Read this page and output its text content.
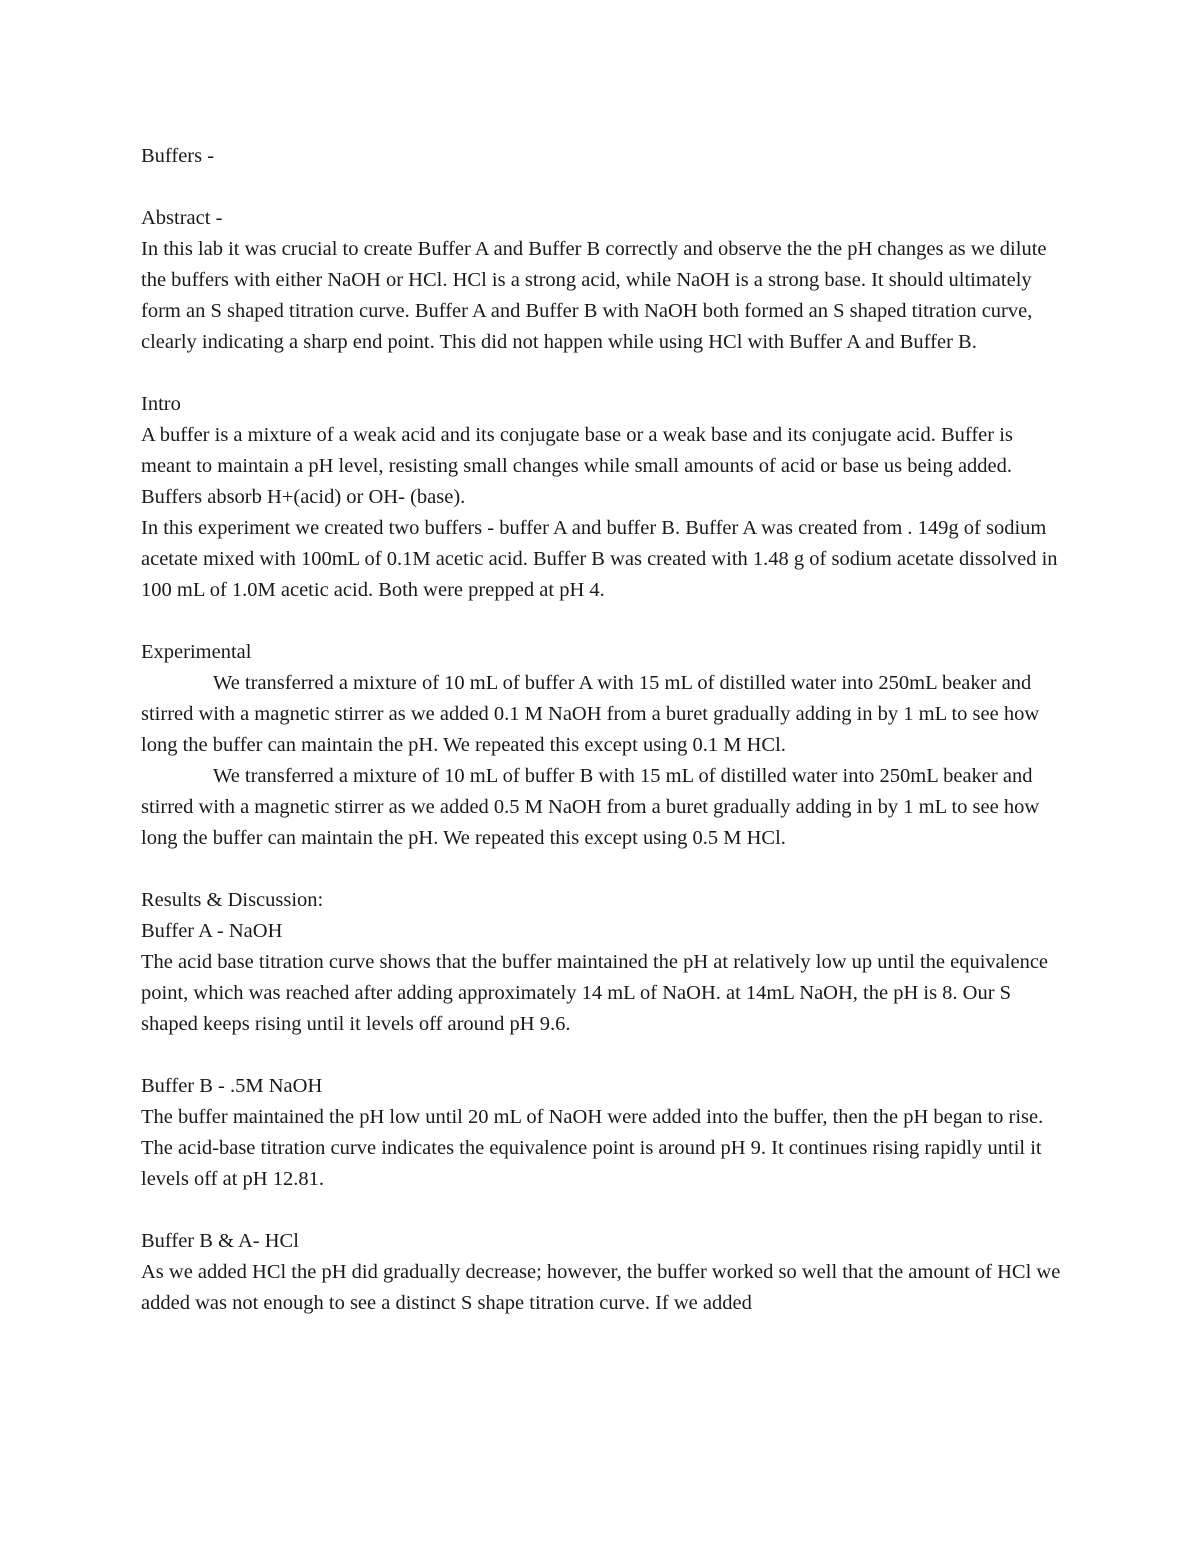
Buffers -

Abstract -

In this lab it was crucial to create Buffer A and Buffer B correctly and observe the the pH changes as we dilute the buffers with either NaOH or HCl. HCl is a strong acid, while NaOH is a strong base. It should ultimately form an S shaped titration curve. Buffer A and Buffer B with NaOH both formed an S shaped titration curve, clearly indicating a sharp end point. This did not happen while using HCl with Buffer A and Buffer B.

Intro

A buffer is a mixture of a weak acid and its conjugate base or a weak base and its conjugate acid. Buffer is meant to maintain a pH level, resisting small changes while small amounts of acid or base us being added. Buffers absorb H+(acid) or OH- (base).

In this experiment we created two buffers - buffer A and buffer B. Buffer A was created from . 149g of sodium acetate mixed with 100mL of 0.1M acetic acid. Buffer B was created with 1.48 g of sodium acetate dissolved in 100 mL of 1.0M acetic acid. Both were prepped at pH 4.

Experimental

We transferred a mixture of 10 mL of buffer A with 15 mL of distilled water into 250mL beaker and stirred with a magnetic stirrer as we added 0.1 M NaOH from a buret gradually adding in by 1 mL to see how long the buffer can maintain the pH. We repeated this except using 0.1 M HCl.

We transferred a mixture of 10 mL of buffer B with 15 mL of distilled water into 250mL beaker and stirred with a magnetic stirrer as we added 0.5 M NaOH from a buret gradually adding in by 1 mL to see how long the buffer can maintain the pH. We repeated this except using 0.5 M HCl.

Results & Discussion:

Buffer A - NaOH

The acid base titration curve shows that the buffer maintained the pH at relatively low up until the equivalence point, which was reached after adding approximately 14 mL of NaOH. at 14mL NaOH, the pH is 8. Our S shaped keeps rising until it levels off around pH 9.6.

Buffer B - .5M NaOH

The buffer maintained the pH low until 20 mL of NaOH were added into the buffer, then the pH began to rise. The acid-base titration curve indicates the equivalence point is around pH 9. It continues rising rapidly until it levels off at pH 12.81.

Buffer B & A- HCl

As we added HCl the pH did gradually decrease; however, the buffer worked so well that the amount of HCl we added was not enough to see a distinct S shape titration curve. If we added
